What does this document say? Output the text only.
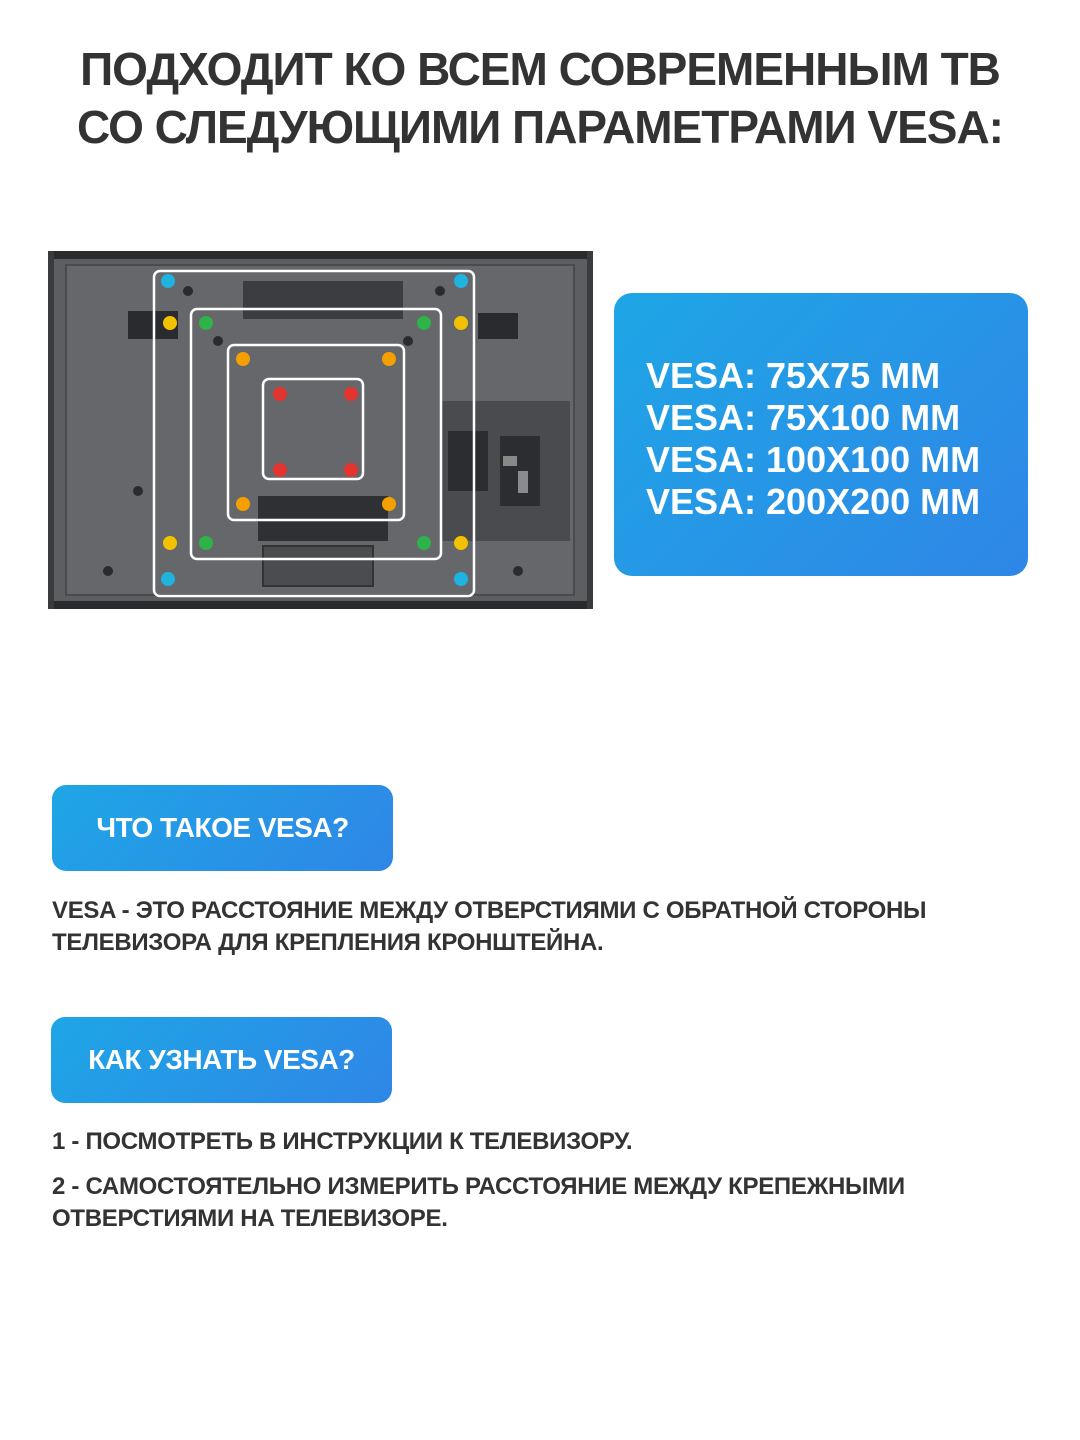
ПОДХОДИТ КО ВСЕМ СОВРЕМЕННЫМ ТВ
СО СЛЕДУЮЩИМИ ПАРАМЕТРАМИ VESA:
VESA: 75X75 MM
VESA: 75X100 MM
VESA: 100X100 MM
VESA: 200X200 MM
ЧТО ТАКОЕ VESA?
VESA - ЭТО РАССТОЯНИЕ МЕЖДУ ОТВЕРСТИЯМИ С ОБРАТНОЙ СТОРОНЫ ТЕЛЕВИЗОРА ДЛЯ КРЕПЛЕНИЯ КРОНШТЕЙНА.
КАК УЗНАТЬ VESA?
1 - ПОСМОТРЕТЬ В ИНСТРУКЦИИ К ТЕЛЕВИЗОРУ.
2 - САМОСТОЯТЕЛЬНО ИЗМЕРИТЬ РАССТОЯНИЕ МЕЖДУ КРЕПЕЖНЫМИ ОТВЕРСТИЯМИ НА ТЕЛЕВИЗОРЕ.
